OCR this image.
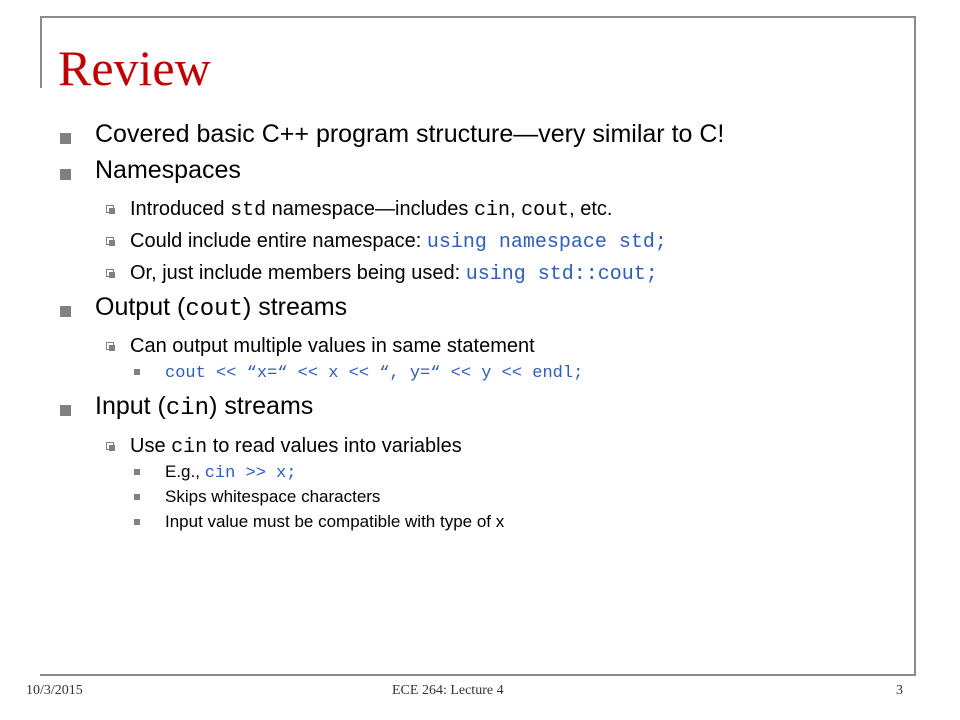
Review
Covered basic C++ program structure—very similar to C!
Namespaces
Introduced std namespace—includes cin, cout, etc.
Could include entire namespace: using namespace std;
Or, just include members being used: using std::cout;
Output (cout) streams
Can output multiple values in same statement
cout << “x=“ << x << “, y=“ << y << endl;
Input (cin) streams
Use cin to read values into variables
E.g., cin >> x;
Skips whitespace characters
Input value must be compatible with type of x
10/3/2015	ECE 264: Lecture 4	3
